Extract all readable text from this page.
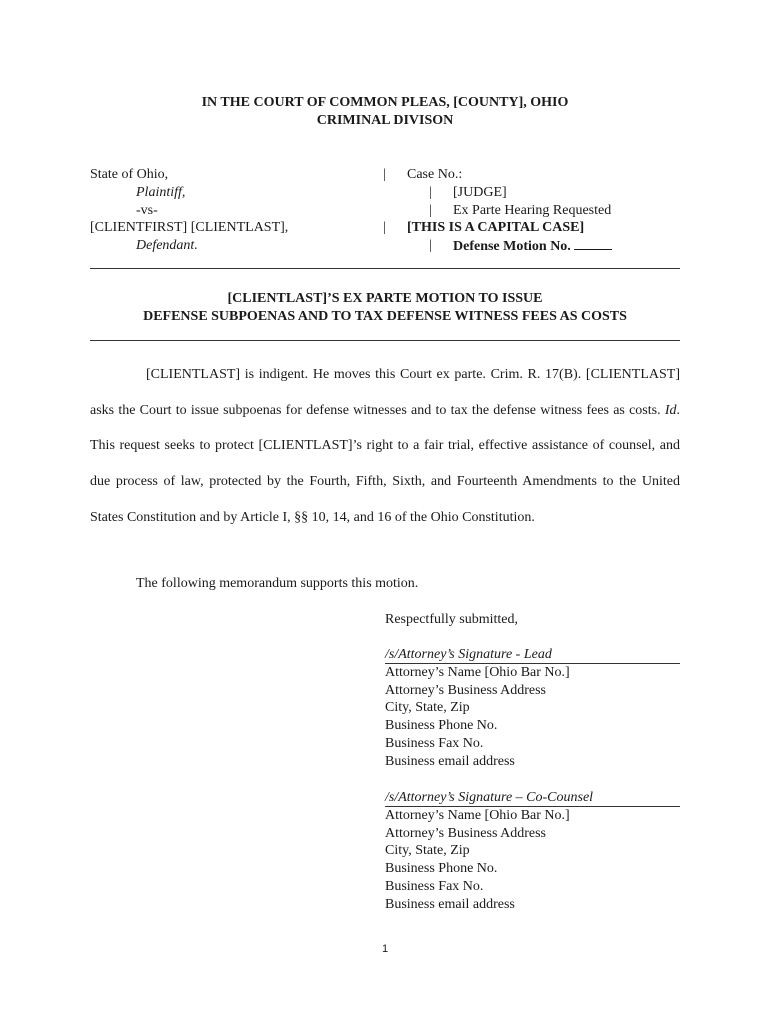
IN THE COURT OF COMMON PLEAS, [COUNTY], OHIO
CRIMINAL DIVISON
State of Ohio,	|	Case No.:
Plaintiff,	|	[JUDGE]
-vs-	|	Ex Parte Hearing Requested
[CLIENTFIRST] [CLIENTLAST],	|	[THIS IS A CAPITAL CASE]
Defendant.	|	Defense Motion No.
[CLIENTLAST]’S EX PARTE MOTION TO ISSUE
DEFENSE SUBPOENAS AND TO TAX DEFENSE WITNESS FEES AS COSTS

[CLIENTLAST] is indigent. He moves this Court ex parte. Crim. R. 17(B). [CLIENTLAST] asks the Court to issue subpoenas for defense witnesses and to tax the defense witness fees as costs. Id. This request seeks to protect [CLIENTLAST]’s right to a fair trial, effective assistance of counsel, and due process of law, protected by the Fourth, Fifth, Sixth, and Fourteenth Amendments to the United States Constitution and by Article I, §§ 10, 14, and 16 of the Ohio Constitution.

The following memorandum supports this motion.
Respectfully submitted,
/s/Attorney’s Signature - Lead
Attorney’s Name [Ohio Bar No.]
Attorney’s Business Address
City, State, Zip
Business Phone No.
Business Fax No.
Business email address
/s/Attorney’s Signature – Co-Counsel
Attorney’s Name [Ohio Bar No.]
Attorney’s Business Address
City, State, Zip
Business Phone No.
Business Fax No.
Business email address
1
